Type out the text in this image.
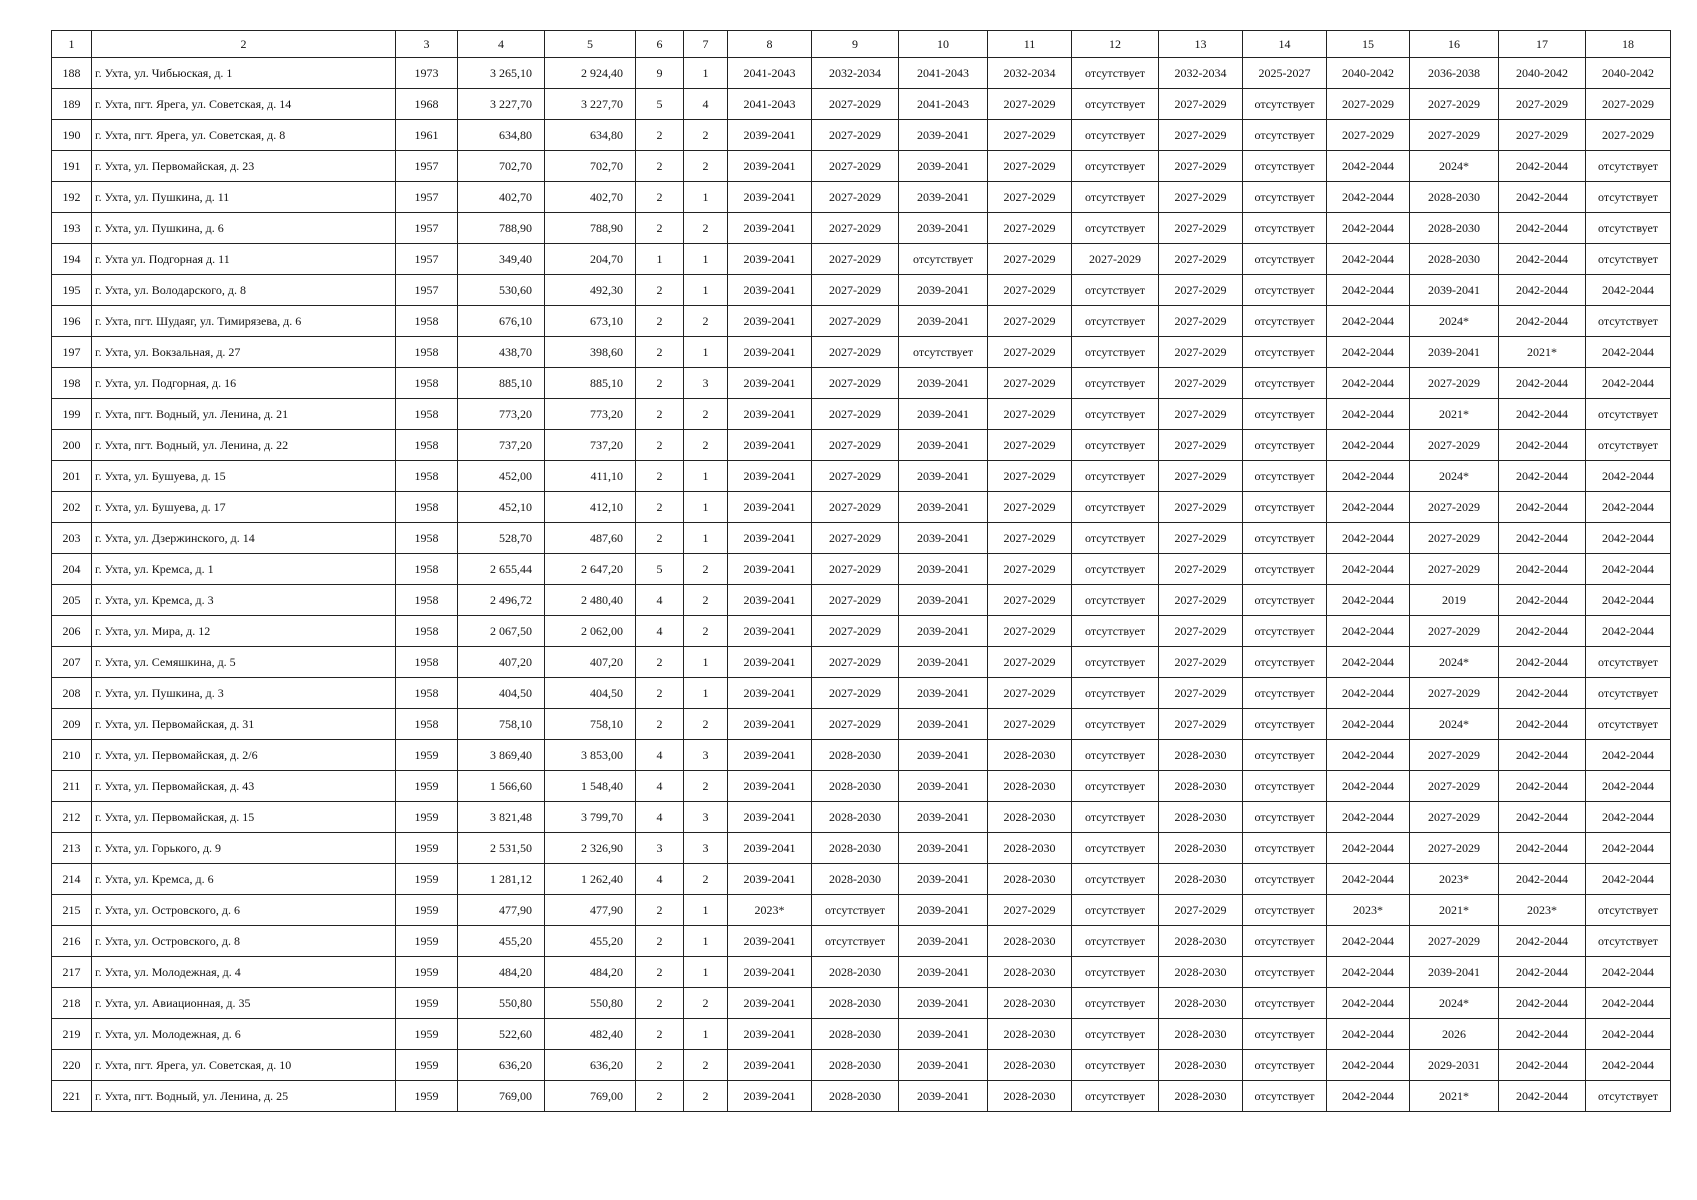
1	2	3	4	5	6	7	8	9	10	11	12	13	14	15	16	17	18
188	г. Ухта, ул. Чибьюская, д. 1	1973	3 265,10	2 924,40	9	1	2041-2043	2032-2034	2041-2043	2032-2034	отсутствует	2032-2034	2025-2027	2040-2042	2036-2038	2040-2042	2040-2042
189	г. Ухта, пгт. Ярега, ул. Советская, д. 14	1968	3 227,70	3 227,70	5	4	2041-2043	2027-2029	2041-2043	2027-2029	отсутствует	2027-2029	отсутствует	2027-2029	2027-2029	2027-2029	2027-2029
190	г. Ухта, пгт. Ярега, ул. Советская, д. 8	1961	634,80	634,80	2	2	2039-2041	2027-2029	2039-2041	2027-2029	отсутствует	2027-2029	отсутствует	2027-2029	2027-2029	2027-2029	2027-2029
191	г. Ухта, ул. Первомайская, д. 23	1957	702,70	702,70	2	2	2039-2041	2027-2029	2039-2041	2027-2029	отсутствует	2027-2029	отсутствует	2042-2044	2024*	2042-2044	отсутствует
192	г. Ухта, ул. Пушкина, д. 11	1957	402,70	402,70	2	1	2039-2041	2027-2029	2039-2041	2027-2029	отсутствует	2027-2029	отсутствует	2042-2044	2028-2030	2042-2044	отсутствует
193	г. Ухта, ул. Пушкина, д. 6	1957	788,90	788,90	2	2	2039-2041	2027-2029	2039-2041	2027-2029	отсутствует	2027-2029	отсутствует	2042-2044	2028-2030	2042-2044	отсутствует
194	г. Ухта ул. Подгорная д. 11	1957	349,40	204,70	1	1	2039-2041	2027-2029	отсутствует	2027-2029	2027-2029	2027-2029	отсутствует	2042-2044	2028-2030	2042-2044	отсутствует
195	г. Ухта, ул. Володарского, д. 8	1957	530,60	492,30	2	1	2039-2041	2027-2029	2039-2041	2027-2029	отсутствует	2027-2029	отсутствует	2042-2044	2039-2041	2042-2044	2042-2044
196	г. Ухта, пгт. Шудаяг, ул. Тимирязева, д. 6	1958	676,10	673,10	2	2	2039-2041	2027-2029	2039-2041	2027-2029	отсутствует	2027-2029	отсутствует	2042-2044	2024*	2042-2044	отсутствует
197	г. Ухта, ул. Вокзальная, д. 27	1958	438,70	398,60	2	1	2039-2041	2027-2029	отсутствует	2027-2029	отсутствует	2027-2029	отсутствует	2042-2044	2039-2041	2021*	2042-2044
198	г. Ухта, ул. Подгорная, д. 16	1958	885,10	885,10	2	3	2039-2041	2027-2029	2039-2041	2027-2029	отсутствует	2027-2029	отсутствует	2042-2044	2027-2029	2042-2044	2042-2044
199	г. Ухта, пгт. Водный, ул. Ленина, д. 21	1958	773,20	773,20	2	2	2039-2041	2027-2029	2039-2041	2027-2029	отсутствует	2027-2029	отсутствует	2042-2044	2021*	2042-2044	отсутствует
200	г. Ухта, пгт. Водный, ул. Ленина, д. 22	1958	737,20	737,20	2	2	2039-2041	2027-2029	2039-2041	2027-2029	отсутствует	2027-2029	отсутствует	2042-2044	2027-2029	2042-2044	отсутствует
201	г. Ухта, ул. Бушуева, д. 15	1958	452,00	411,10	2	1	2039-2041	2027-2029	2039-2041	2027-2029	отсутствует	2027-2029	отсутствует	2042-2044	2024*	2042-2044	2042-2044
202	г. Ухта, ул. Бушуева, д. 17	1958	452,10	412,10	2	1	2039-2041	2027-2029	2039-2041	2027-2029	отсутствует	2027-2029	отсутствует	2042-2044	2027-2029	2042-2044	2042-2044
203	г. Ухта, ул. Дзержинского, д. 14	1958	528,70	487,60	2	1	2039-2041	2027-2029	2039-2041	2027-2029	отсутствует	2027-2029	отсутствует	2042-2044	2027-2029	2042-2044	2042-2044
204	г. Ухта, ул. Кремса, д. 1	1958	2 655,44	2 647,20	5	2	2039-2041	2027-2029	2039-2041	2027-2029	отсутствует	2027-2029	отсутствует	2042-2044	2027-2029	2042-2044	2042-2044
205	г. Ухта, ул. Кремса, д. 3	1958	2 496,72	2 480,40	4	2	2039-2041	2027-2029	2039-2041	2027-2029	отсутствует	2027-2029	отсутствует	2042-2044	2019	2042-2044	2042-2044
206	г. Ухта, ул. Мира, д. 12	1958	2 067,50	2 062,00	4	2	2039-2041	2027-2029	2039-2041	2027-2029	отсутствует	2027-2029	отсутствует	2042-2044	2027-2029	2042-2044	2042-2044
207	г. Ухта, ул. Семяшкина, д. 5	1958	407,20	407,20	2	1	2039-2041	2027-2029	2039-2041	2027-2029	отсутствует	2027-2029	отсутствует	2042-2044	2024*	2042-2044	отсутствует
208	г. Ухта, ул. Пушкина, д. 3	1958	404,50	404,50	2	1	2039-2041	2027-2029	2039-2041	2027-2029	отсутствует	2027-2029	отсутствует	2042-2044	2027-2029	2042-2044	отсутствует
209	г. Ухта, ул. Первомайская, д. 31	1958	758,10	758,10	2	2	2039-2041	2027-2029	2039-2041	2027-2029	отсутствует	2027-2029	отсутствует	2042-2044	2024*	2042-2044	отсутствует
210	г. Ухта, ул. Первомайская, д. 2/6	1959	3 869,40	3 853,00	4	3	2039-2041	2028-2030	2039-2041	2028-2030	отсутствует	2028-2030	отсутствует	2042-2044	2027-2029	2042-2044	2042-2044
211	г. Ухта, ул. Первомайская, д. 43	1959	1 566,60	1 548,40	4	2	2039-2041	2028-2030	2039-2041	2028-2030	отсутствует	2028-2030	отсутствует	2042-2044	2027-2029	2042-2044	2042-2044
212	г. Ухта, ул. Первомайская, д. 15	1959	3 821,48	3 799,70	4	3	2039-2041	2028-2030	2039-2041	2028-2030	отсутствует	2028-2030	отсутствует	2042-2044	2027-2029	2042-2044	2042-2044
213	г. Ухта, ул. Горького, д. 9	1959	2 531,50	2 326,90	3	3	2039-2041	2028-2030	2039-2041	2028-2030	отсутствует	2028-2030	отсутствует	2042-2044	2027-2029	2042-2044	2042-2044
214	г. Ухта, ул. Кремса, д. 6	1959	1 281,12	1 262,40	4	2	2039-2041	2028-2030	2039-2041	2028-2030	отсутствует	2028-2030	отсутствует	2042-2044	2023*	2042-2044	2042-2044
215	г. Ухта, ул. Островского, д. 6	1959	477,90	477,90	2	1	2023*	отсутствует	2039-2041	2027-2029	отсутствует	2027-2029	отсутствует	2023*	2021*	2023*	отсутствует
216	г. Ухта, ул. Островского, д. 8	1959	455,20	455,20	2	1	2039-2041	отсутствует	2039-2041	2028-2030	отсутствует	2028-2030	отсутствует	2042-2044	2027-2029	2042-2044	отсутствует
217	г. Ухта, ул. Молодежная, д. 4	1959	484,20	484,20	2	1	2039-2041	2028-2030	2039-2041	2028-2030	отсутствует	2028-2030	отсутствует	2042-2044	2039-2041	2042-2044	2042-2044
218	г. Ухта, ул. Авиационная, д. 35	1959	550,80	550,80	2	2	2039-2041	2028-2030	2039-2041	2028-2030	отсутствует	2028-2030	отсутствует	2042-2044	2024*	2042-2044	2042-2044
219	г. Ухта, ул. Молодежная, д. 6	1959	522,60	482,40	2	1	2039-2041	2028-2030	2039-2041	2028-2030	отсутствует	2028-2030	отсутствует	2042-2044	2026	2042-2044	2042-2044
220	г. Ухта, пгт. Ярега, ул. Советская, д. 10	1959	636,20	636,20	2	2	2039-2041	2028-2030	2039-2041	2028-2030	отсутствует	2028-2030	отсутствует	2042-2044	2029-2031	2042-2044	2042-2044
221	г. Ухта, пгт. Водный, ул. Ленина, д. 25	1959	769,00	769,00	2	2	2039-2041	2028-2030	2039-2041	2028-2030	отсутствует	2028-2030	отсутствует	2042-2044	2021*	2042-2044	отсутствует
